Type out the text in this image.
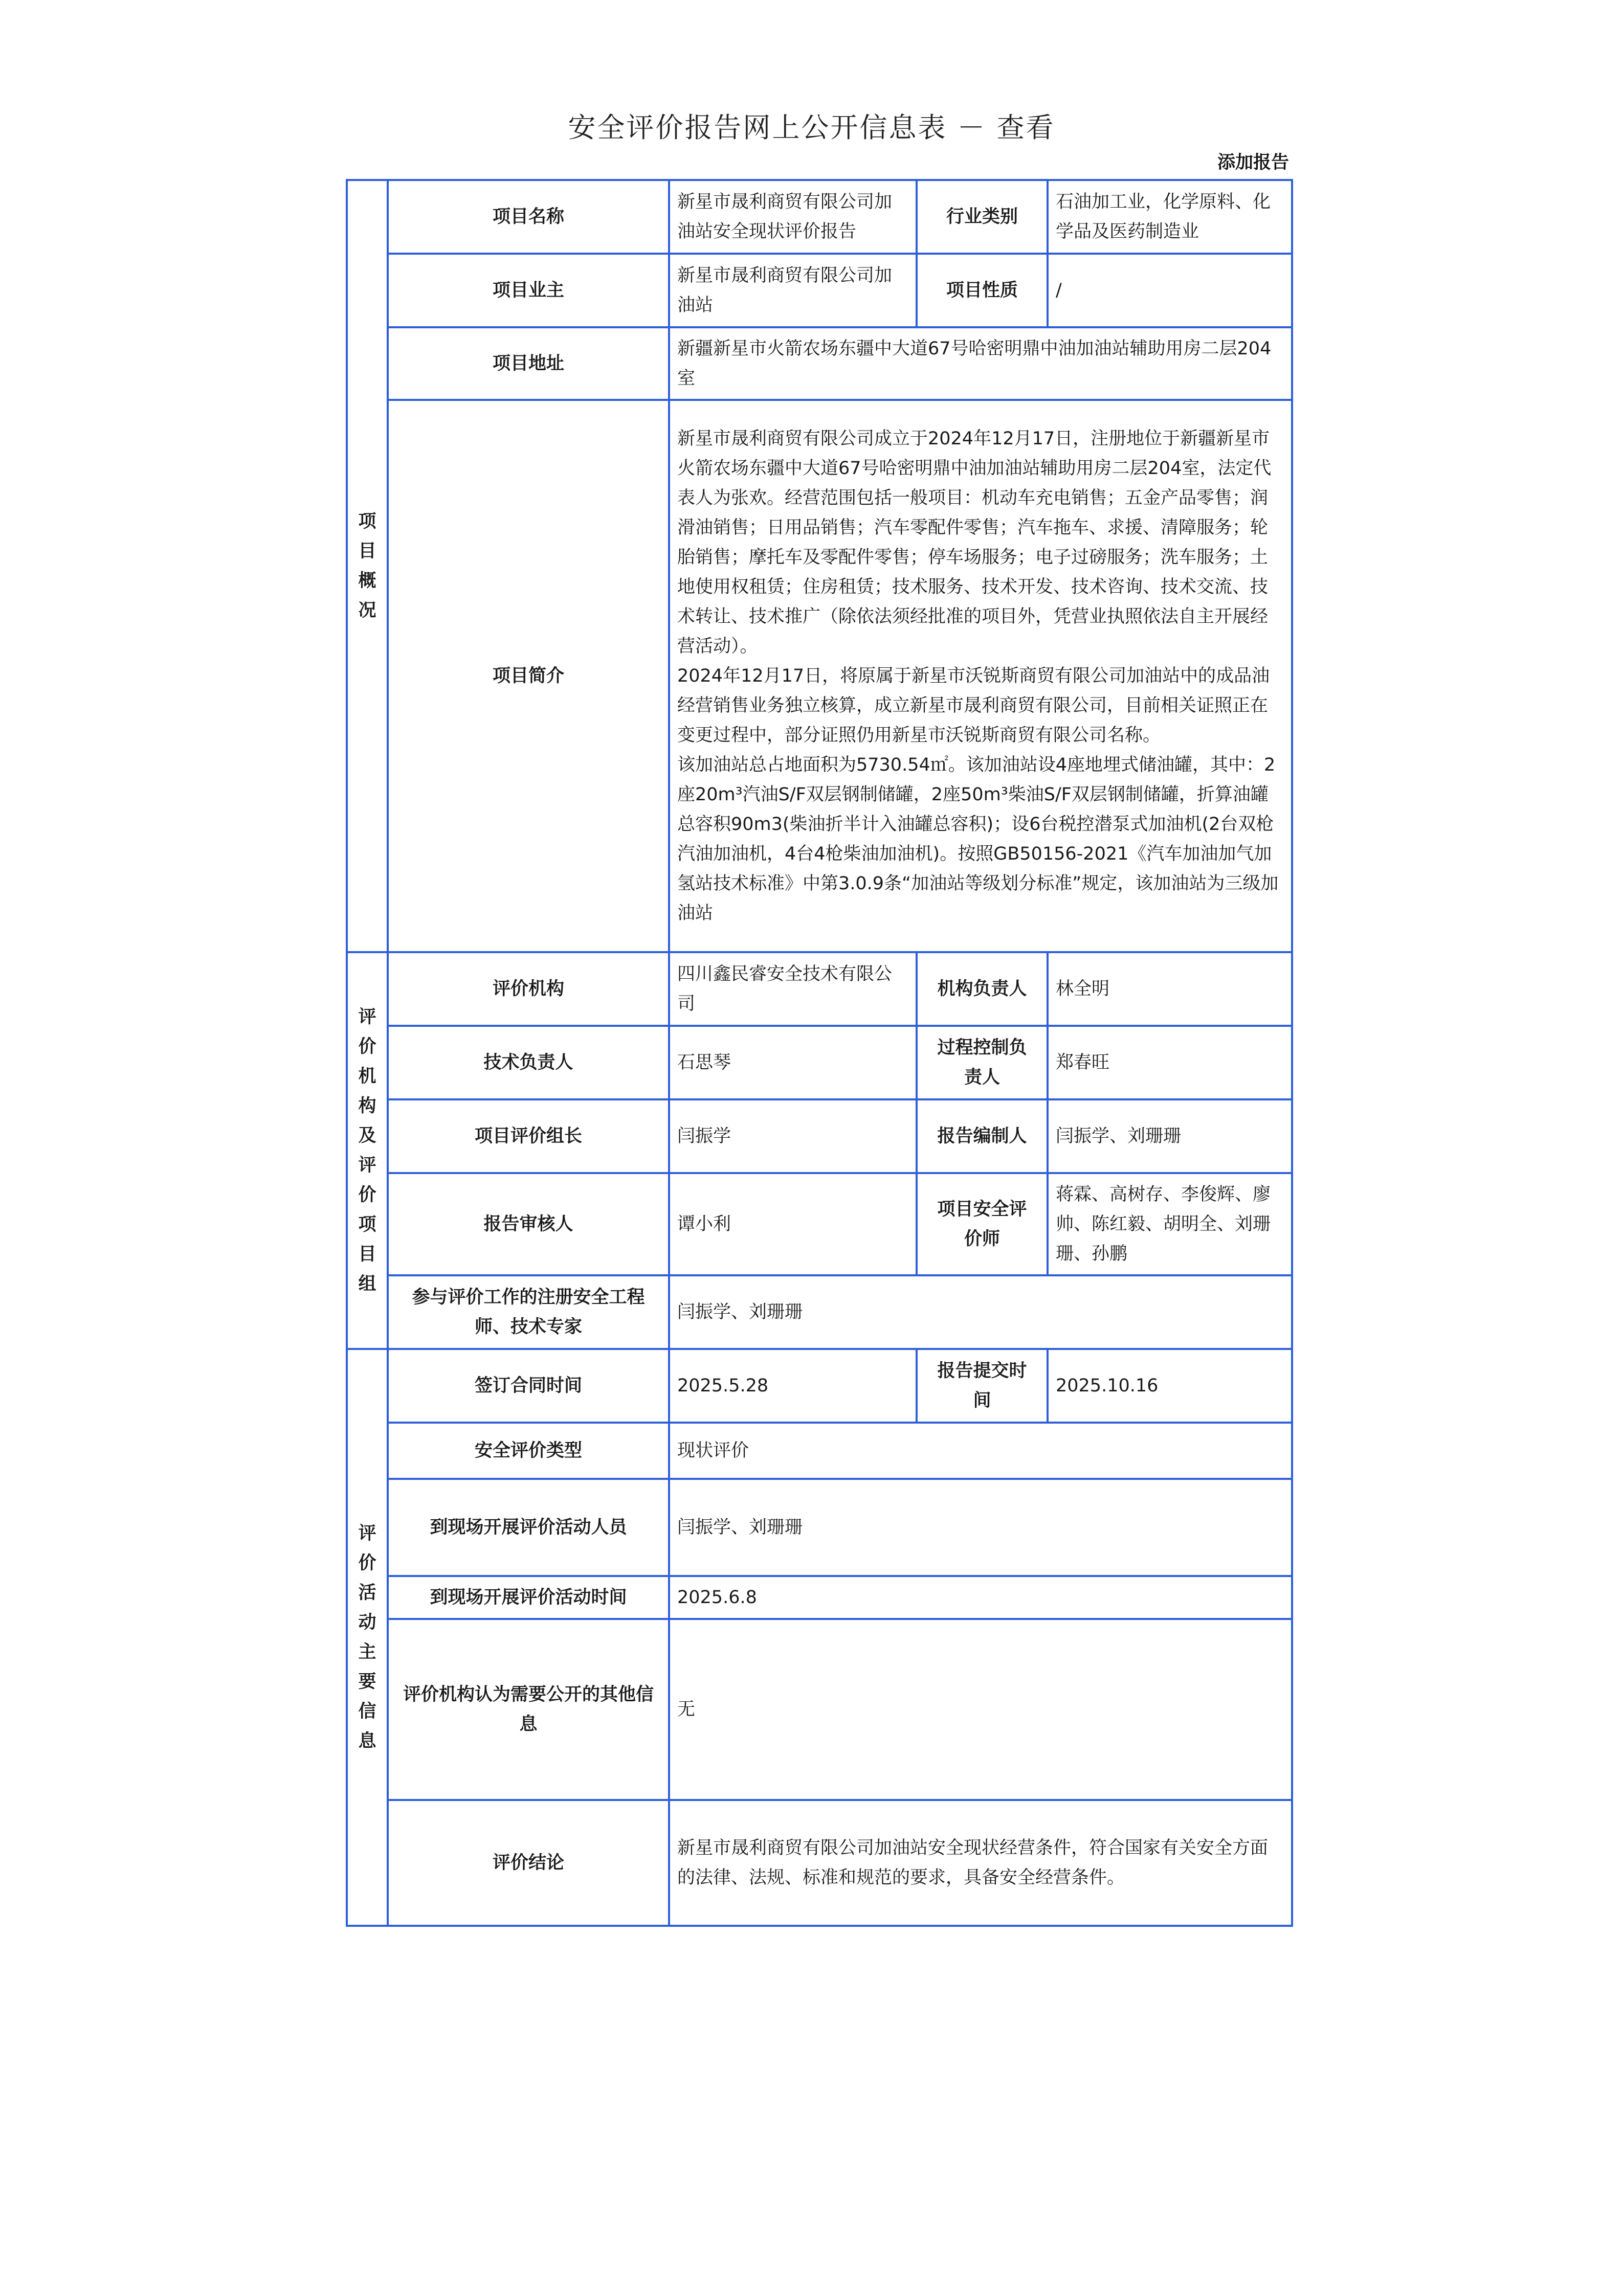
安全评价报告网上公开信息表 － 查看
添加报告
项目概况	项目名称	新星市晟利商贸有限公司加油站安全现状评价报告	行业类别	石油加工业，化学原料、化学品及医药制造业
	项目业主	新星市晟利商贸有限公司加油站	项目性质	/
	项目地址	新疆新星市火箭农场东疆中大道67号哈密明鼎中油加油站辅助用房二层204室		
	项目简介	新星市晟利商贸有限公司成立于2024年12月17日，注册地位于新疆新星市火箭农场东疆中大道67号哈密明鼎中油加油站辅助用房二层204室，法定代表人为张欢。经营范围包括一般项目：机动车充电销售；五金产品零售；润滑油销售；日用品销售；汽车零配件零售；汽车拖车、求援、清障服务；轮胎销售；摩托车及零配件零售；停车场服务；电子过磅服务；洗车服务；土地使用权租赁；住房租赁；技术服务、技术开发、技术咨询、技术交流、技术转让、技术推广（除依法须经批准的项目外，凭营业执照依法自主开展经营活动）。
2024年12月17日，将原属于新星市沃锐斯商贸有限公司加油站中的成品油经营销售业务独立核算，成立新星市晟利商贸有限公司，目前相关证照正在变更过程中，部分证照仍用新星市沃锐斯商贸有限公司名称。
该加油站总占地面积为5730.54㎡。该加油站设4座地埋式储油罐，其中：2座20m³汽油S/F双层钢制储罐，2座50m³柴油S/F双层钢制储罐，折算油罐总容积90m3(柴油折半计入油罐总容积)；设6台税控潜泵式加油机(2台双枪汽油加油机，4台4枪柴油加油机)。按照GB50156-2021《汽车加油加气加氢站技术标准》中第3.0.9条“加油站等级划分标准”规定，该加油站为三级加油站		

评价机构及评价项目组	评价机构	四川鑫民睿安全技术有限公司	机构负责人	林全明
	技术负责人	石思琴	过程控制负责人	郑春旺
	项目评价组长	闫振学	报告编制人	闫振学、刘珊珊
	报告审核人	谭小利	项目安全评价师	蒋霖、高树存、李俊辉、廖帅、陈红毅、胡明全、刘珊珊、孙鹏
	参与评价工作的注册安全工程师、技术专家	闫振学、刘珊珊		

评价活动主要信息	签订合同时间	2025.5.28	报告提交时间	2025.10.16
	安全评价类型	现状评价		
	到现场开展评价活动人员	闫振学、刘珊珊		
	到现场开展评价活动时间	2025.6.8		
	评价机构认为需要公开的其他信息	无		
	评价结论	新星市晟利商贸有限公司加油站安全现状经营条件，符合国家有关安全方面的法律、法规、标准和规范的要求，具备安全经营条件。		
